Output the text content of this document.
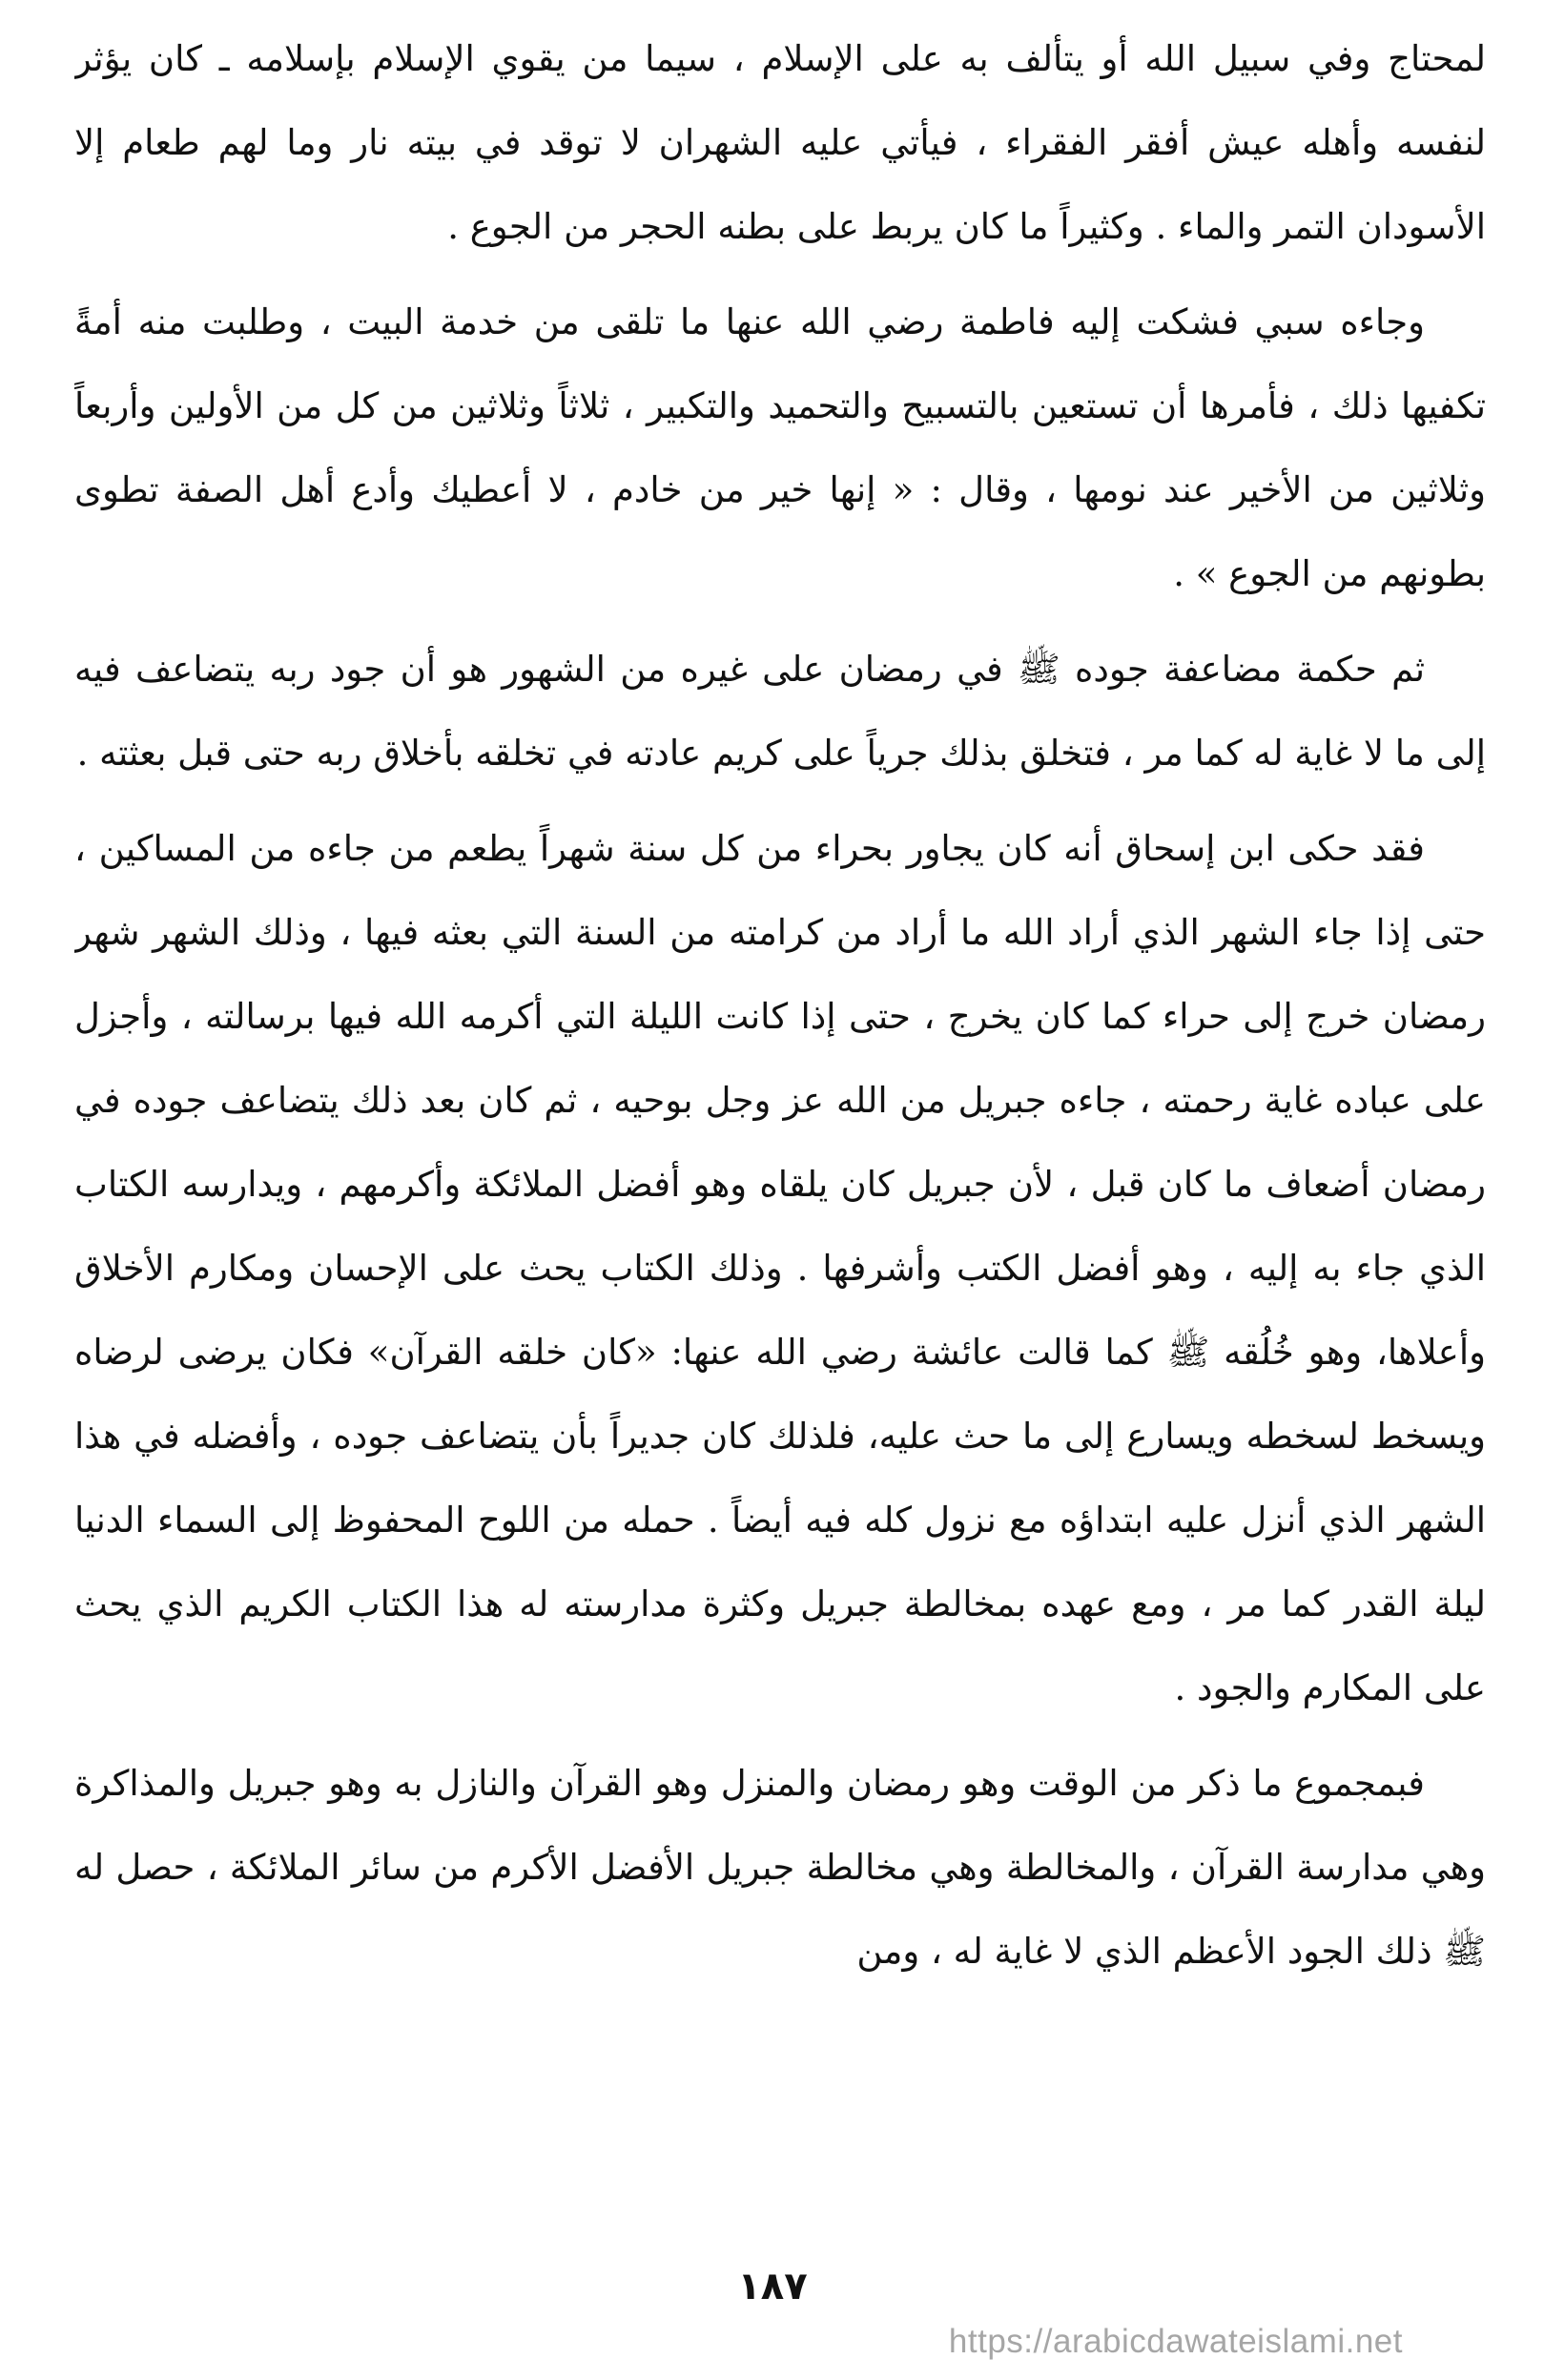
لمحتاج وفي سبيل الله أو يتألف به على الإسلام ، سيما من يقوي الإسلام بإسلامه ـ كان يؤثر لنفسه وأهله عيش أفقر الفقراء ، فيأتي عليه الشهران لا توقد في بيته نار وما لهم طعام إلا الأسودان التمر والماء . وكثيراً ما كان يربط على بطنه الحجر من الجوع .

وجاءه سبي فشكت إليه فاطمة رضي الله عنها ما تلقى من خدمة البيت ، وطلبت منه أمةً تكفيها ذلك ، فأمرها أن تستعين بالتسبيح والتحميد والتكبير ، ثلاثاً وثلاثين من كل من الأولين وأربعاً وثلاثين من الأخير عند نومها ، وقال : « إنها خير من خادم ، لا أعطيك وأدع أهل الصفة تطوى بطونهم من الجوع » .

ثم حكمة مضاعفة جوده ﷺ في رمضان على غيره من الشهور هو أن جود ربه يتضاعف فيه إلى ما لا غاية له كما مر ، فتخلق بذلك جرياً على كريم عادته في تخلقه بأخلاق ربه حتى قبل بعثته .

فقد حكى ابن إسحاق أنه كان يجاور بحراء من كل سنة شهراً يطعم من جاءه من المساكين ، حتى إذا جاء الشهر الذي أراد الله ما أراد من كرامته من السنة التي بعثه فيها ، وذلك الشهر شهر رمضان خرج إلى حراء كما كان يخرج ، حتى إذا كانت الليلة التي أكرمه الله فيها برسالته ، وأجزل على عباده غاية رحمته ، جاءه جبريل من الله عز وجل بوحيه ، ثم كان بعد ذلك يتضاعف جوده في رمضان أضعاف ما كان قبل ، لأن جبريل كان يلقاه وهو أفضل الملائكة وأكرمهم ، ويدارسه الكتاب الذي جاء به إليه ، وهو أفضل الكتب وأشرفها . وذلك الكتاب يحث على الإحسان ومكارم الأخلاق وأعلاها، وهو خُلُقه ﷺ كما قالت عائشة رضي الله عنها: «كان خلقه القرآن» فكان يرضى لرضاه ويسخط لسخطه ويسارع إلى ما حث عليه، فلذلك كان جديراً بأن يتضاعف جوده ، وأفضله في هذا الشهر الذي أنزل عليه ابتداؤه مع نزول كله فيه أيضاً . حمله من اللوح المحفوظ إلى السماء الدنيا ليلة القدر كما مر ، ومع عهده بمخالطة جبريل وكثرة مدارسته له هذا الكتاب الكريم الذي يحث على المكارم والجود .

فبمجموع ما ذكر من الوقت وهو رمضان والمنزل وهو القرآن والنازل به وهو جبريل والمذاكرة وهي مدارسة القرآن ، والمخالطة وهي مخالطة جبريل الأفضل الأكرم من سائر الملائكة ، حصل له ﷺ ذلك الجود الأعظم الذي لا غاية له ، ومن

١٨٧
https://arabicdawateislami.net
